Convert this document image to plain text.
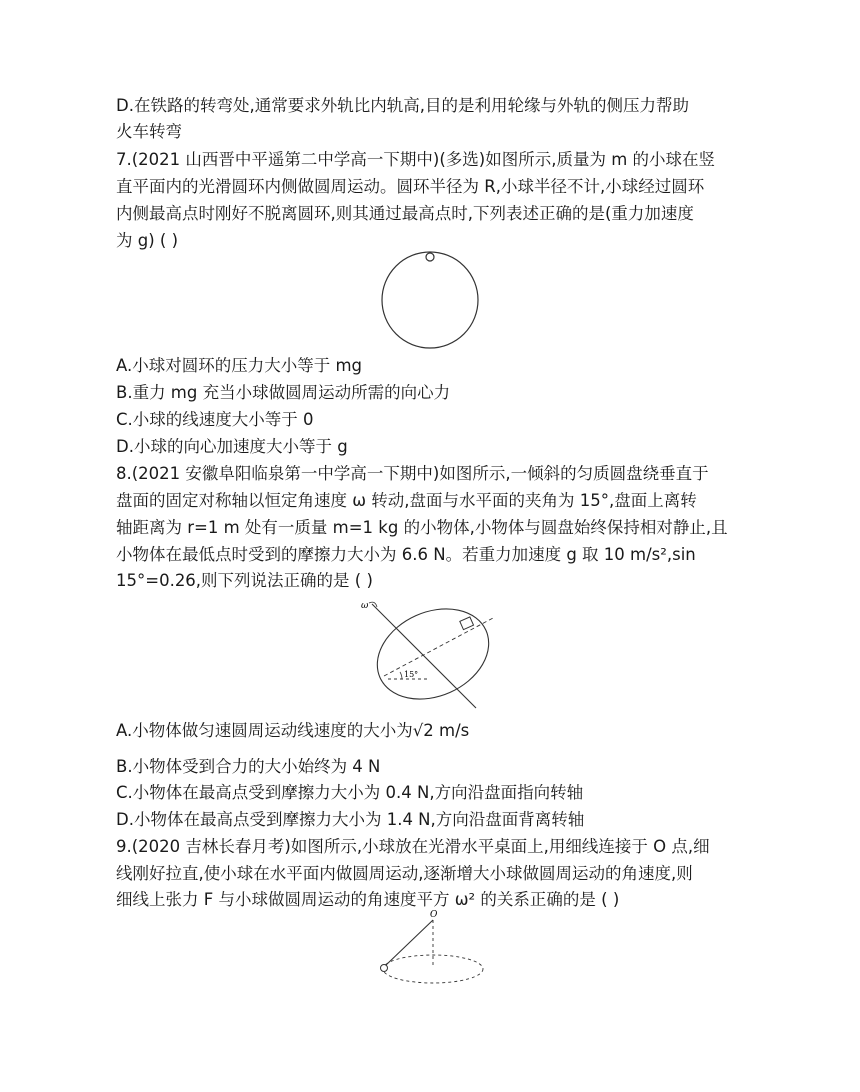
D.在铁路的转弯处,通常要求外轨比内轨高,目的是利用轮缘与外轨的侧压力帮助
火车转弯
7.(2021 山西晋中平遥第二中学高一下期中)(多选)如图所示,质量为 m 的小球在竖
直平面内的光滑圆环内侧做圆周运动。圆环半径为 R,小球半径不计,小球经过圆环
内侧最高点时刚好不脱离圆环,则其通过最高点时,下列表述正确的是(重力加速度
为 g) ( )
A.小球对圆环的压力大小等于 mg
B.重力 mg 充当小球做圆周运动所需的向心力
C.小球的线速度大小等于 0
D.小球的向心加速度大小等于 g
8.(2021 安徽阜阳临泉第一中学高一下期中)如图所示,一倾斜的匀质圆盘绕垂直于
盘面的固定对称轴以恒定角速度 ω 转动,盘面与水平面的夹角为 15°,盘面上离转
轴距离为 r=1 m 处有一质量 m=1 kg 的小物体,小物体与圆盘始终保持相对静止,且
小物体在最低点时受到的摩擦力大小为 6.6 N。若重力加速度 g 取 10 m/s²,sin
15°=0.26,则下列说法正确的是 ( )
ω
15°
A.小物体做匀速圆周运动线速度的大小为√2 m/s
B.小物体受到合力的大小始终为 4 N
C.小物体在最高点受到摩擦力大小为 0.4 N,方向沿盘面指向转轴
D.小物体在最高点受到摩擦力大小为 1.4 N,方向沿盘面背离转轴
9.(2020 吉林长春月考)如图所示,小球放在光滑水平桌面上,用细线连接于 O 点,细
线刚好拉直,使小球在水平面内做圆周运动,逐渐增大小球做圆周运动的角速度,则
细线上张力 F 与小球做圆周运动的角速度平方 ω² 的关系正确的是 ( )
O
